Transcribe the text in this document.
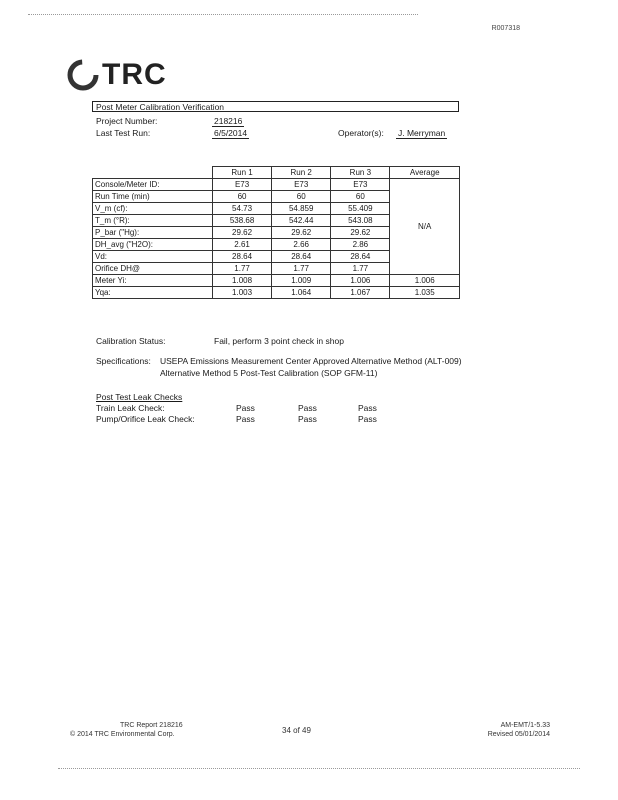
R007318
TRC
Post Meter Calibration Verification
Project Number:	218216
Last Test Run:	6/5/2014	Operator(s): J. Merryman
	Run 1	Run 2	Run 3	Average
Console/Meter ID:	E73	E73	E73	N/A
Run Time (min)	60	60	60	
V_m (cf):	54.73	54.859	55.409	
T_m (°R):	538.68	542.44	543.08	
P_bar ("Hg):	29.62	29.62	29.62	
DH_avg ("H2O):	2.61	2.66	2.86	
Vd:	28.64	28.64	28.64	
Orifice DH@	1.77	1.77	1.77	
Meter Yi:	1.008	1.009	1.006	1.006
Yqa:	1.003	1.064	1.067	1.035
Calibration Status:	Fail, perform 3 point check in shop
Specifications: USEPA Emissions Measurement Center Approved Alternative Method (ALT-009)
Alternative Method 5 Post-Test Calibration (SOP GFM-11)
Post Test Leak Checks
Train Leak Check:	Pass	Pass	Pass
Pump/Orifice Leak Check:	Pass	Pass	Pass
TRC Report 218216
© 2014 TRC Environmental Corp.	34 of 49
AM-EMT/1-5.33
Revised 05/01/2014
